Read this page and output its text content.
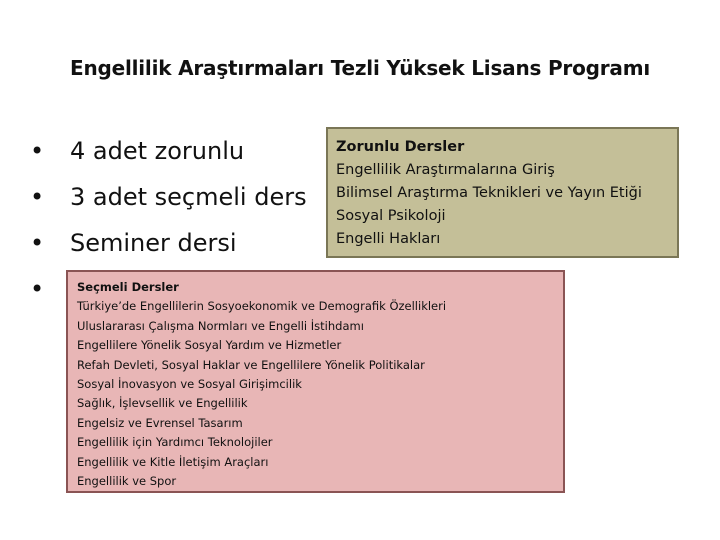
Engellilik Araştırmaları Tezli Yüksek Lisans Programı
• 4 adet zorunlu
• 3 adet seçmeli ders
• Seminer dersi
•
Zorunlu Dersler
Engellilik Araştırmalarına Giriş
Bilimsel Araştırma Teknikleri ve Yayın Etiği
Sosyal Psikoloji
Engelli Hakları
Seçmeli Dersler
Türkiye’de Engellilerin Sosyoekonomik ve Demografik Özellikleri
Uluslararası Çalışma Normları ve Engelli İstihdamı
Engellilere Yönelik Sosyal Yardım ve Hizmetler
Refah Devleti, Sosyal Haklar ve Engellilere Yönelik Politikalar
Sosyal İnovasyon ve Sosyal Girişimcilik
Sağlık, İşlevsellik ve Engellilik
Engelsiz ve Evrensel Tasarım
Engellilik için Yardımcı Teknolojiler
Engellilik ve Kitle İletişim Araçları
Engellilik ve Spor
